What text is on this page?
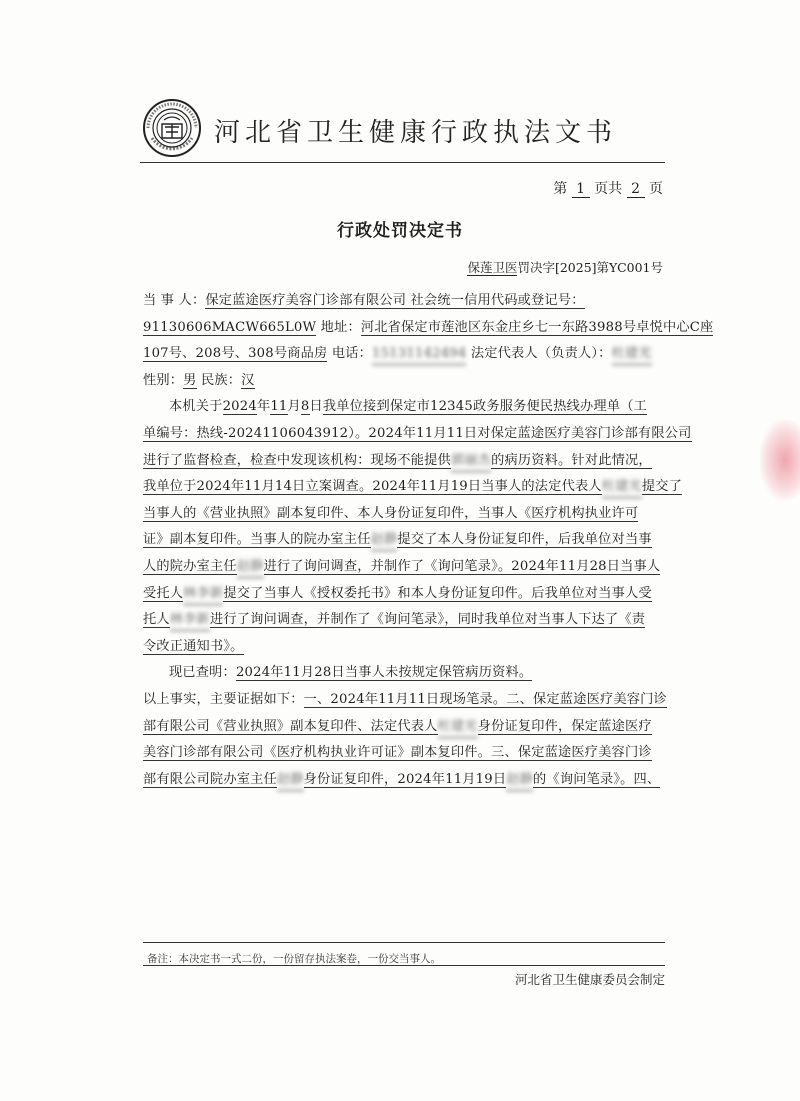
河北省卫生健康行政执法文书
第 1 页共 2 页
行政处罚决定书
保莲卫医罚决字[2025]第YC001号
当 事 人：保定蓝途医疗美容门诊部有限公司 社会统一信用代码或登记号：
91130606MACW665L0W 地址：河北省保定市莲池区东金庄乡七一东路3988号卓悦中心C座
107号、208号、308号商品房 电话：15131142494 法定代表人（负责人）：杜建光
性别：男 民族：汉
本机关于2024年11月8日我单位接到保定市12345政务服务便民热线办理单（工
单编号：热线-20241106043912）。2024年11月11日对保定蓝途医疗美容门诊部有限公司
进行了监督检查，检查中发现该机构：现场不能提供郭丽杰的病历资料。针对此情况，
我单位于2024年11月14日立案调查。2024年11月19日当事人的法定代表人杜建光提交了
当事人的《营业执照》副本复印件、本人身份证复印件，当事人《医疗机构执业许可
证》副本复印件。当事人的院办室主任赵静提交了本人身份证复印件，后我单位对当事
人的院办室主任赵静进行了询问调查，并制作了《询问笔录》。2024年11月28日当事人
受托人林李新提交了当事人《授权委托书》和本人身份证复印件。后我单位对当事人受
托人林李新进行了询问调查，并制作了《询问笔录》，同时我单位对当事人下达了《责
令改正通知书》。
现已查明：2024年11月28日当事人未按规定保管病历资料。
以上事实，主要证据如下：一、2024年11月11日现场笔录。二、保定蓝途医疗美容门诊
部有限公司《营业执照》副本复印件、法定代表人杜建光身份证复印件，保定蓝途医疗
美容门诊部有限公司《医疗机构执业许可证》副本复印件。三、保定蓝途医疗美容门诊
部有限公司院办室主任赵静身份证复印件，2024年11月19日赵静的《询问笔录》。四、
备注：本决定书一式二份，一份留存执法案卷，一份交当事人。
河北省卫生健康委员会制定
